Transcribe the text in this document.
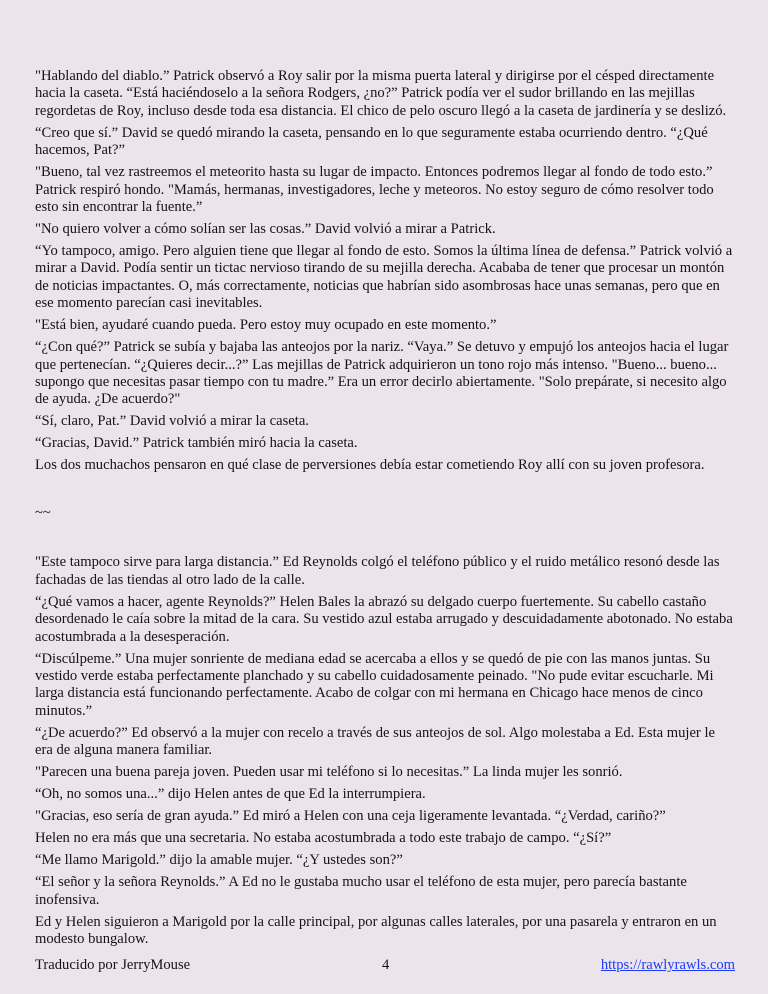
"Hablando del diablo.” Patrick observó a Roy salir por la misma puerta lateral y dirigirse por el césped directamente hacia la caseta. “Está haciéndoselo a la señora Rodgers, ¿no?” Patrick podía ver el sudor brillando en las mejillas regordetas de Roy, incluso desde toda esa distancia. El chico de pelo oscuro llegó a la caseta de jardinería y se deslizó.

“Creo que sí.” David se quedó mirando la caseta, pensando en lo que seguramente estaba ocurriendo dentro. “¿Qué hacemos, Pat?”

"Bueno, tal vez rastreemos el meteorito hasta su lugar de impacto. Entonces podremos llegar al fondo de todo esto.” Patrick respiró hondo. "Mamás, hermanas, investigadores, leche y meteoros. No estoy seguro de cómo resolver todo esto sin encontrar la fuente.”

"No quiero volver a cómo solían ser las cosas.” David volvió a mirar a Patrick.

“Yo tampoco, amigo. Pero alguien tiene que llegar al fondo de esto. Somos la última línea de defensa.” Patrick volvió a mirar a David. Podía sentir un tictac nervioso tirando de su mejilla derecha. Acababa de tener que procesar un montón de noticias impactantes. O, más correctamente, noticias que habrían sido asombrosas hace unas semanas, pero que en ese momento parecían casi inevitables.

"Está bien, ayudaré cuando pueda. Pero estoy muy ocupado en este momento.”

“¿Con qué?” Patrick se subía y bajaba las anteojos por la nariz. “Vaya.” Se detuvo y empujó los anteojos hacia el lugar que pertenecían. “¿Quieres decir...?” Las mejillas de Patrick adquirieron un tono rojo más intenso. "Bueno... bueno... supongo que necesitas pasar tiempo con tu madre.” Era un error decirlo abiertamente. "Solo prepárate, si necesito algo de ayuda. ¿De acuerdo?"

“Sí, claro, Pat.” David volvió a mirar la caseta.

“Gracias, David.” Patrick también miró hacia la caseta.

Los dos muchachos pensaron en qué clase de perversiones debía estar cometiendo Roy allí con su joven profesora.

~~

"Este tampoco sirve para larga distancia.” Ed Reynolds colgó el teléfono público y el ruido metálico resonó desde las fachadas de las tiendas al otro lado de la calle.

“¿Qué vamos a hacer, agente Reynolds?” Helen Bales la abrazó su delgado cuerpo fuertemente. Su cabello castaño desordenado le caía sobre la mitad de la cara. Su vestido azul estaba arrugado y descuidadamente abotonado. No estaba acostumbrada a la desesperación.

“Discúlpeme.” Una mujer sonriente de mediana edad se acercaba a ellos y se quedó de pie con las manos juntas. Su vestido verde estaba perfectamente planchado y su cabello cuidadosamente peinado. "No pude evitar escucharle. Mi larga distancia está funcionando perfectamente. Acabo de colgar con mi hermana en Chicago hace menos de cinco minutos.”

“¿De acuerdo?” Ed observó a la mujer con recelo a través de sus anteojos de sol. Algo molestaba a Ed. Esta mujer le era de alguna manera familiar.

"Parecen una buena pareja joven. Pueden usar mi teléfono si lo necesitas.” La linda mujer les sonrió.

“Oh, no somos una...” dijo Helen antes de que Ed la interrumpiera.

"Gracias, eso sería de gran ayuda.” Ed miró a Helen con una ceja ligeramente levantada. “¿Verdad, cariño?”

Helen no era más que una secretaria. No estaba acostumbrada a todo este trabajo de campo. “¿Sí?”

“Me llamo Marigold.” dijo la amable mujer. “¿Y ustedes son?”

“El señor y la señora Reynolds.” A Ed no le gustaba mucho usar el teléfono de esta mujer, pero parecía bastante inofensiva.

Ed y Helen siguieron a Marigold por la calle principal, por algunas calles laterales, por una pasarela y entraron en un modesto bungalow.

Traducido por JerryMouse	4	https://rawlyrawls.com
